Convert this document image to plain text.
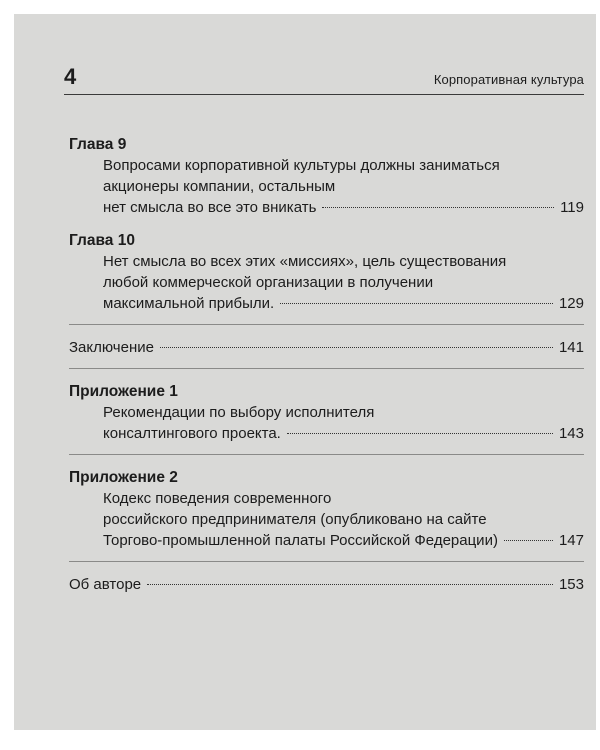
4	Корпоративная культура
Глава 9
Вопросами корпоративной культуры должны заниматься
акционеры компании, остальным
нет смысла во все это вникать	119
Глава 10
Нет смысла во всех этих «миссиях», цель существования
любой коммерческой организации в получении
максимальной прибыли.	129
Заключение	141
Приложение 1
Рекомендации по выбору исполнителя
консалтингового проекта.	143
Приложение 2
Кодекс поведения современного
российского предпринимателя (опубликовано на сайте
Торгово-промышленной палаты Российской Федерации)	147
Об авторе	153
